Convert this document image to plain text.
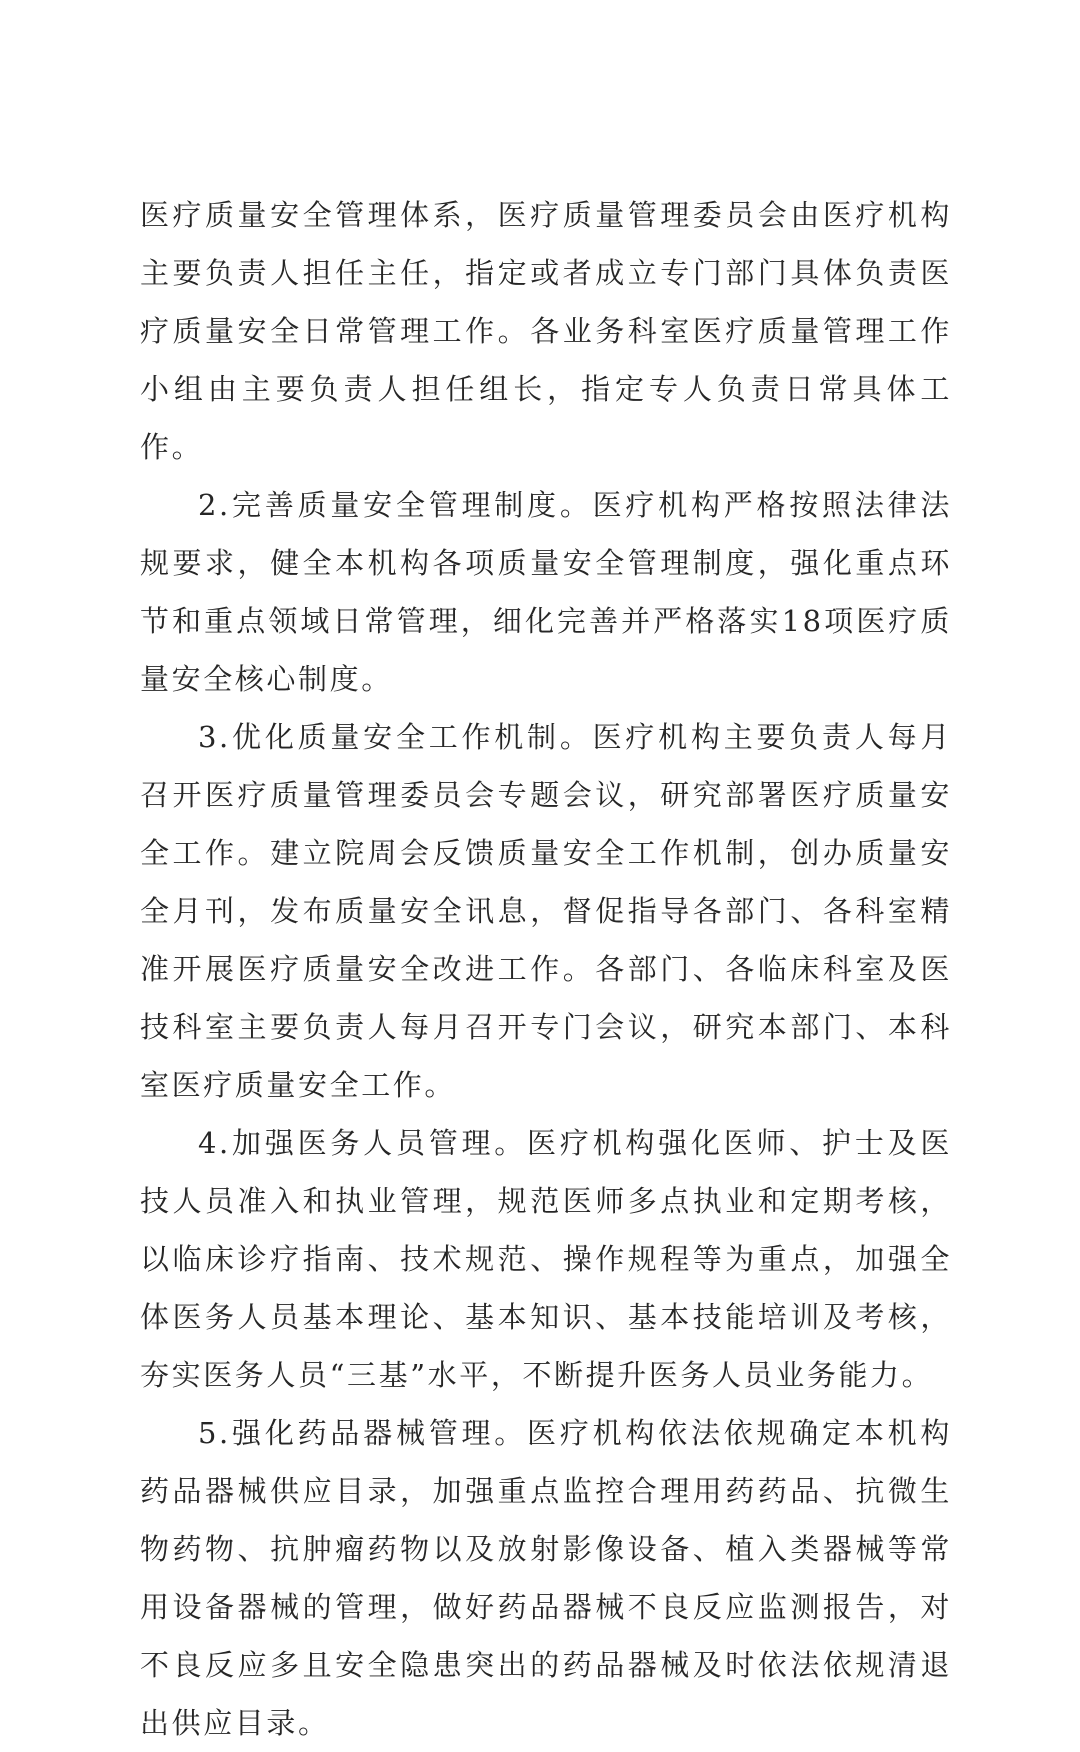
医疗质量安全管理体系，医疗质量管理委员会由医疗机构主要负责人担任主任，指定或者成立专门部门具体负责医疗质量安全日常管理工作。各业务科室医疗质量管理工作小组由主要负责人担任组长，指定专人负责日常具体工作。

2.完善质量安全管理制度。医疗机构严格按照法律法规要求，健全本机构各项质量安全管理制度，强化重点环节和重点领域日常管理，细化完善并严格落实18项医疗质量安全核心制度。

3.优化质量安全工作机制。医疗机构主要负责人每月召开医疗质量管理委员会专题会议，研究部署医疗质量安全工作。建立院周会反馈质量安全工作机制，创办质量安全月刊，发布质量安全讯息，督促指导各部门、各科室精准开展医疗质量安全改进工作。各部门、各临床科室及医技科室主要负责人每月召开专门会议，研究本部门、本科室医疗质量安全工作。

4.加强医务人员管理。医疗机构强化医师、护士及医技人员准入和执业管理，规范医师多点执业和定期考核，以临床诊疗指南、技术规范、操作规程等为重点，加强全体医务人员基本理论、基本知识、基本技能培训及考核，夯实医务人员“三基”水平，不断提升医务人员业务能力。

5.强化药品器械管理。医疗机构依法依规确定本机构药品器械供应目录，加强重点监控合理用药药品、抗微生物药物、抗肿瘤药物以及放射影像设备、植入类器械等常用设备器械的管理，做好药品器械不良反应监测报告，对不良反应多且安全隐患突出的药品器械及时依法依规清退出供应目录。
